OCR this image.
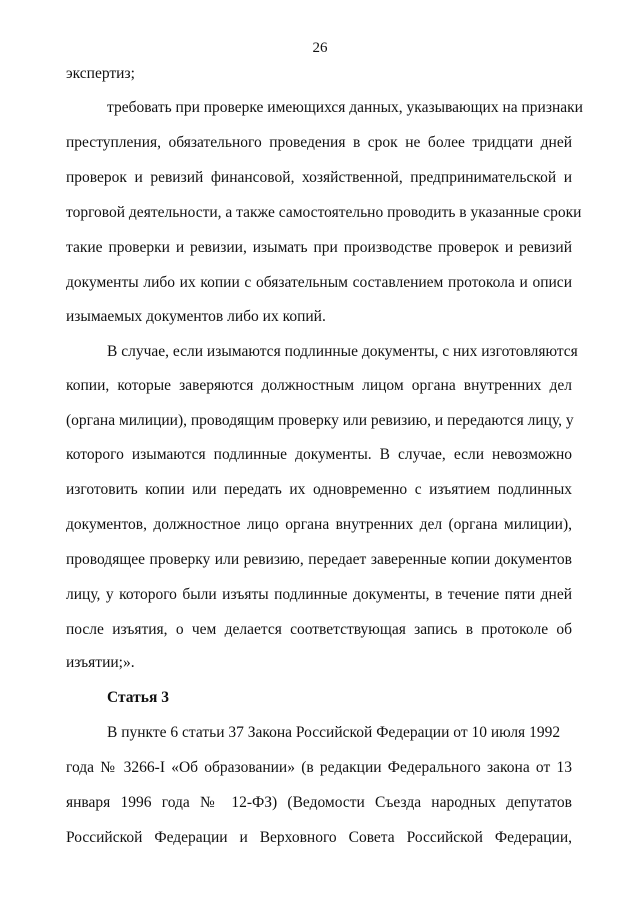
26
экспертиз;
требовать при проверке имеющихся данных, указывающих на признаки
преступления, обязательного проведения в срок не более тридцати дней
проверок и ревизий финансовой, хозяйственной, предпринимательской и
торговой деятельности, а также самостоятельно проводить в указанные сроки
такие проверки и ревизии, изымать при производстве проверок и ревизий
документы либо их копии с обязательным составлением протокола и описи
изымаемых документов либо их копий.
В случае, если изымаются подлинные документы, с них изготовляются
копии, которые заверяются должностным лицом органа внутренних дел
(органа милиции), проводящим проверку или ревизию, и передаются лицу, у
которого изымаются подлинные документы. В случае, если невозможно
изготовить копии или передать их одновременно с изъятием подлинных
документов, должностное лицо органа внутренних дел (органа милиции),
проводящее проверку или ревизию, передает заверенные копии документов
лицу, у которого были изъяты подлинные документы, в течение пяти дней
после изъятия, о чем делается соответствующая запись в протоколе об
изъятии;».
Статья 3
В пункте 6 статьи 37 Закона Российской Федерации от 10 июля 1992
года № 3266-I «Об образовании» (в редакции Федерального закона от 13
января 1996 года № 12-ФЗ) (Ведомости Съезда народных депутатов
Российской Федерации и Верховного Совета Российской Федерации,
